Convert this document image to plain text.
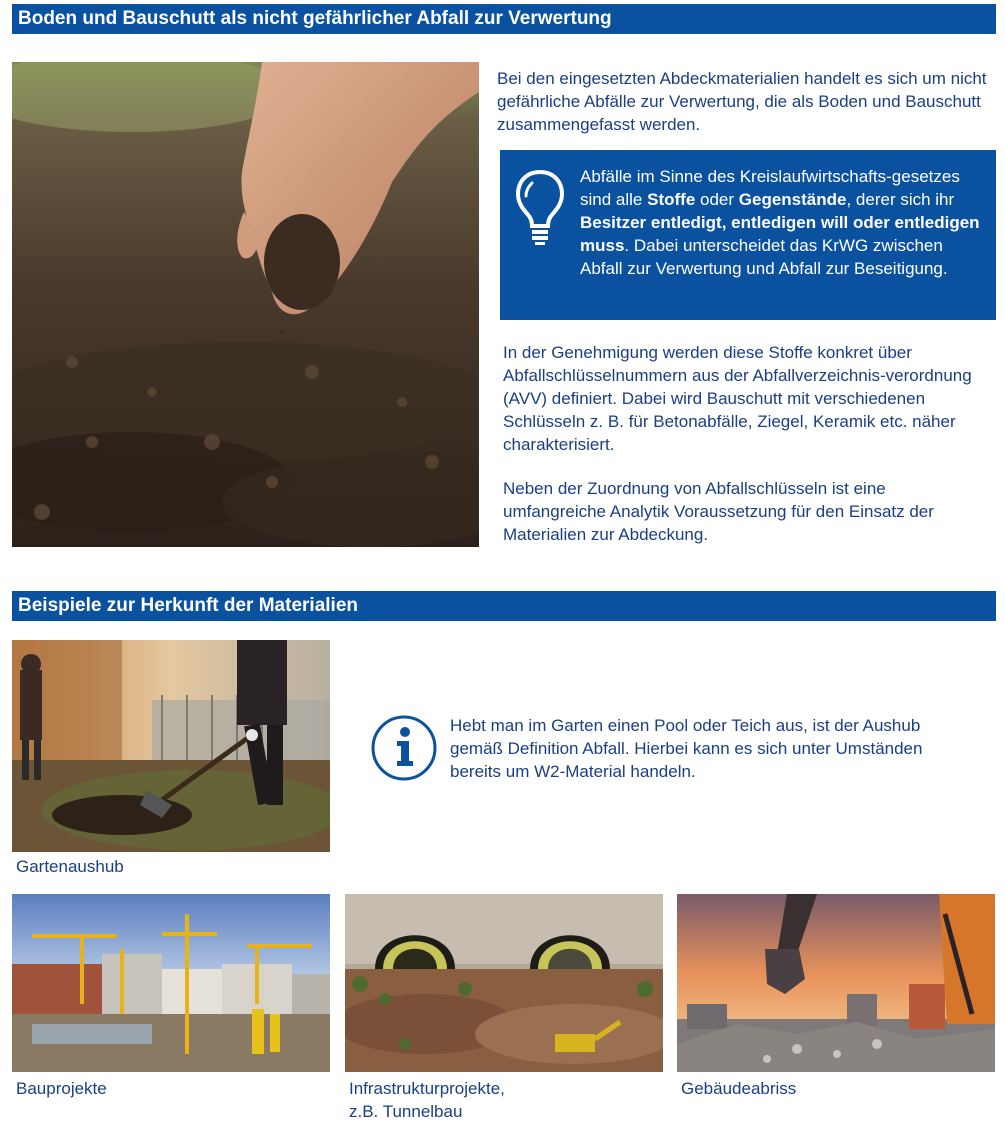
Boden und Bauschutt als nicht gefährlicher Abfall zur Verwertung
Bei den eingesetzten Abdeckmaterialien handelt es sich um nicht gefährliche Abfälle zur Verwertung, die als Boden und Bauschutt zusammengefasst werden.
Abfälle im Sinne des Kreislaufwirtschafts-gesetzes sind alle Stoffe oder Gegenstände, derer sich ihr Besitzer entledigt, entledigen will oder entledigen muss. Dabei unterscheidet das KrWG zwischen Abfall zur Verwertung und Abfall zur Beseitigung.
In der Genehmigung werden diese Stoffe konkret über Abfallschlüsselnummern aus der Abfallverzeichnis-verordnung (AVV) definiert. Dabei wird Bauschutt mit verschiedenen Schlüsseln z. B. für Betonabfälle, Ziegel, Keramik etc. näher charakterisiert.
Neben der Zuordnung von Abfallschlüsseln ist eine umfangreiche Analytik Voraussetzung für den Einsatz der Materialien zur Abdeckung.
Beispiele zur Herkunft der Materialien
Gartenaushub
Hebt man im Garten einen Pool oder Teich aus, ist der Aushub gemäß Definition Abfall. Hierbei kann es sich unter Umständen bereits um W2-Material handeln.
Bauprojekte	Infrastrukturprojekte,
z.B. Tunnelbau
Gebäudeabriss
